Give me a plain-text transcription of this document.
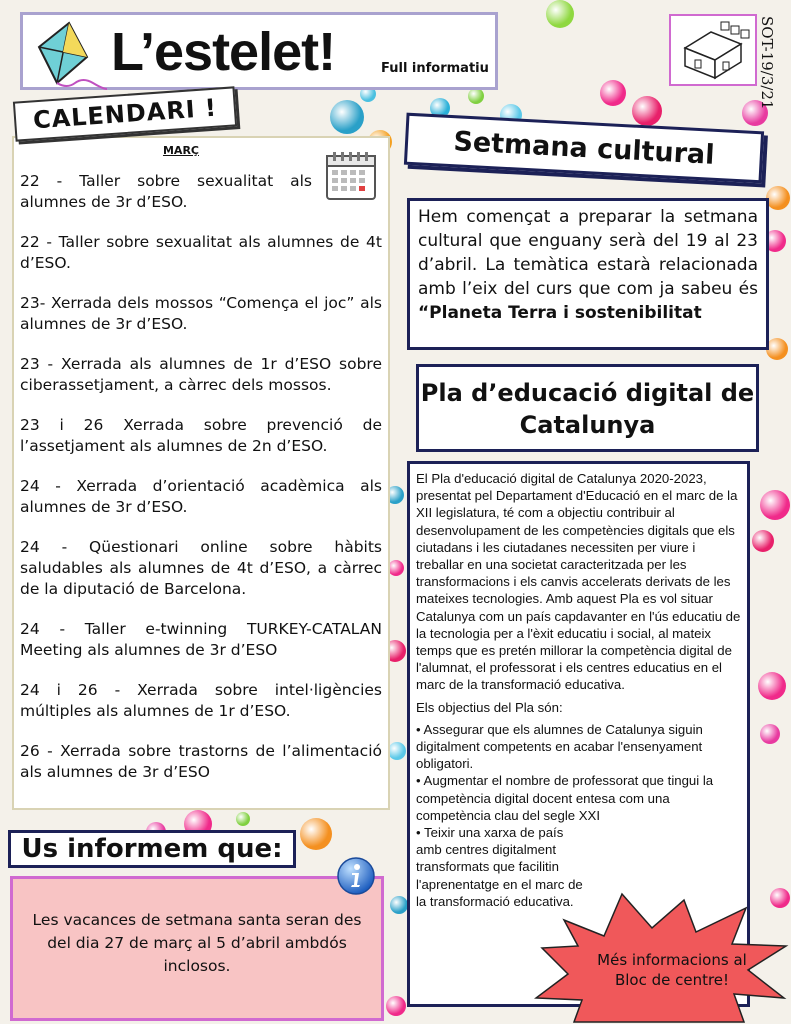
L’estelet!	Full informatiu	SOT-19/3/21
MARÇ
22 - Taller sobre sexualitat als alumnes de 3r d’ESO.
22 - Taller sobre sexualitat als alumnes de 4t d’ESO.
23- Xerrada dels mossos “Comença el joc” als alumnes de 3r d’ESO.
23 - Xerrada als alumnes de 1r d’ESO sobre ciberassetjament, a càrrec dels mossos.
23 i 26 Xerrada sobre prevenció de l’assetjament als alumnes de 2n d’ESO.
24 - Xerrada d’orientació acadèmica als alumnes de 3r d’ESO.
24 - Qüestionari online sobre hàbits saludables als alumnes de 4t d’ESO, a càrrec de la diputació de Barcelona.
24 - Taller e-twinning TURKEY-CATALAN Meeting als alumnes de 3r d’ESO
24 i 26 - Xerrada sobre intel·ligències múltiples als alumnes de 1r d’ESO.
26 - Xerrada sobre trastorns de l’alimentació als alumnes de 3r d’ESO
CALENDARI !
Setmana cultural
Hem començat a preparar la setmana cultural que enguany serà del 19 al 23 d’abril. La temàtica estarà relacionada amb l’eix del curs que com ja sabeu és “Planeta Terra i sostenibilitat
Pla d’educació digital de Catalunya

El Pla d'educació digital de Catalunya 2020-2023, presentat pel Departament d'Educació en el marc de la XII legislatura, té com a objectiu contribuir al desenvolupament de les competències digitals que els ciutadans i les ciutadanes necessiten per viure i treballar en una societat caracteritzada per les transformacions i els canvis accelerats derivats de les mateixes tecnologies. Amb aquest Pla es vol situar Catalunya com un país capdavanter en l'ús educatiu de la tecnologia per a l'èxit educatiu i social, al mateix temps que es pretén millorar la competència digital de l'alumnat, el professorat i els centres educatius en el marc de la transformació educativa.

Els objectius del Pla són:

• Assegurar que els alumnes de Catalunya siguin digitalment competents en acabar l'ensenyament obligatori.

• Augmentar el nombre de professorat que tingui la competència digital docent entesa com una competència clau del segle XXI

• Teixir una xarxa de país amb centres digitalment transformats que facilitin l'aprenentatge en el marc de la transformació educativa.

Més informacions al Bloc de centre!
Us informem que:
Les vacances de setmana santa seran des del dia 27 de març al 5 d’abril ambdós inclosos.
